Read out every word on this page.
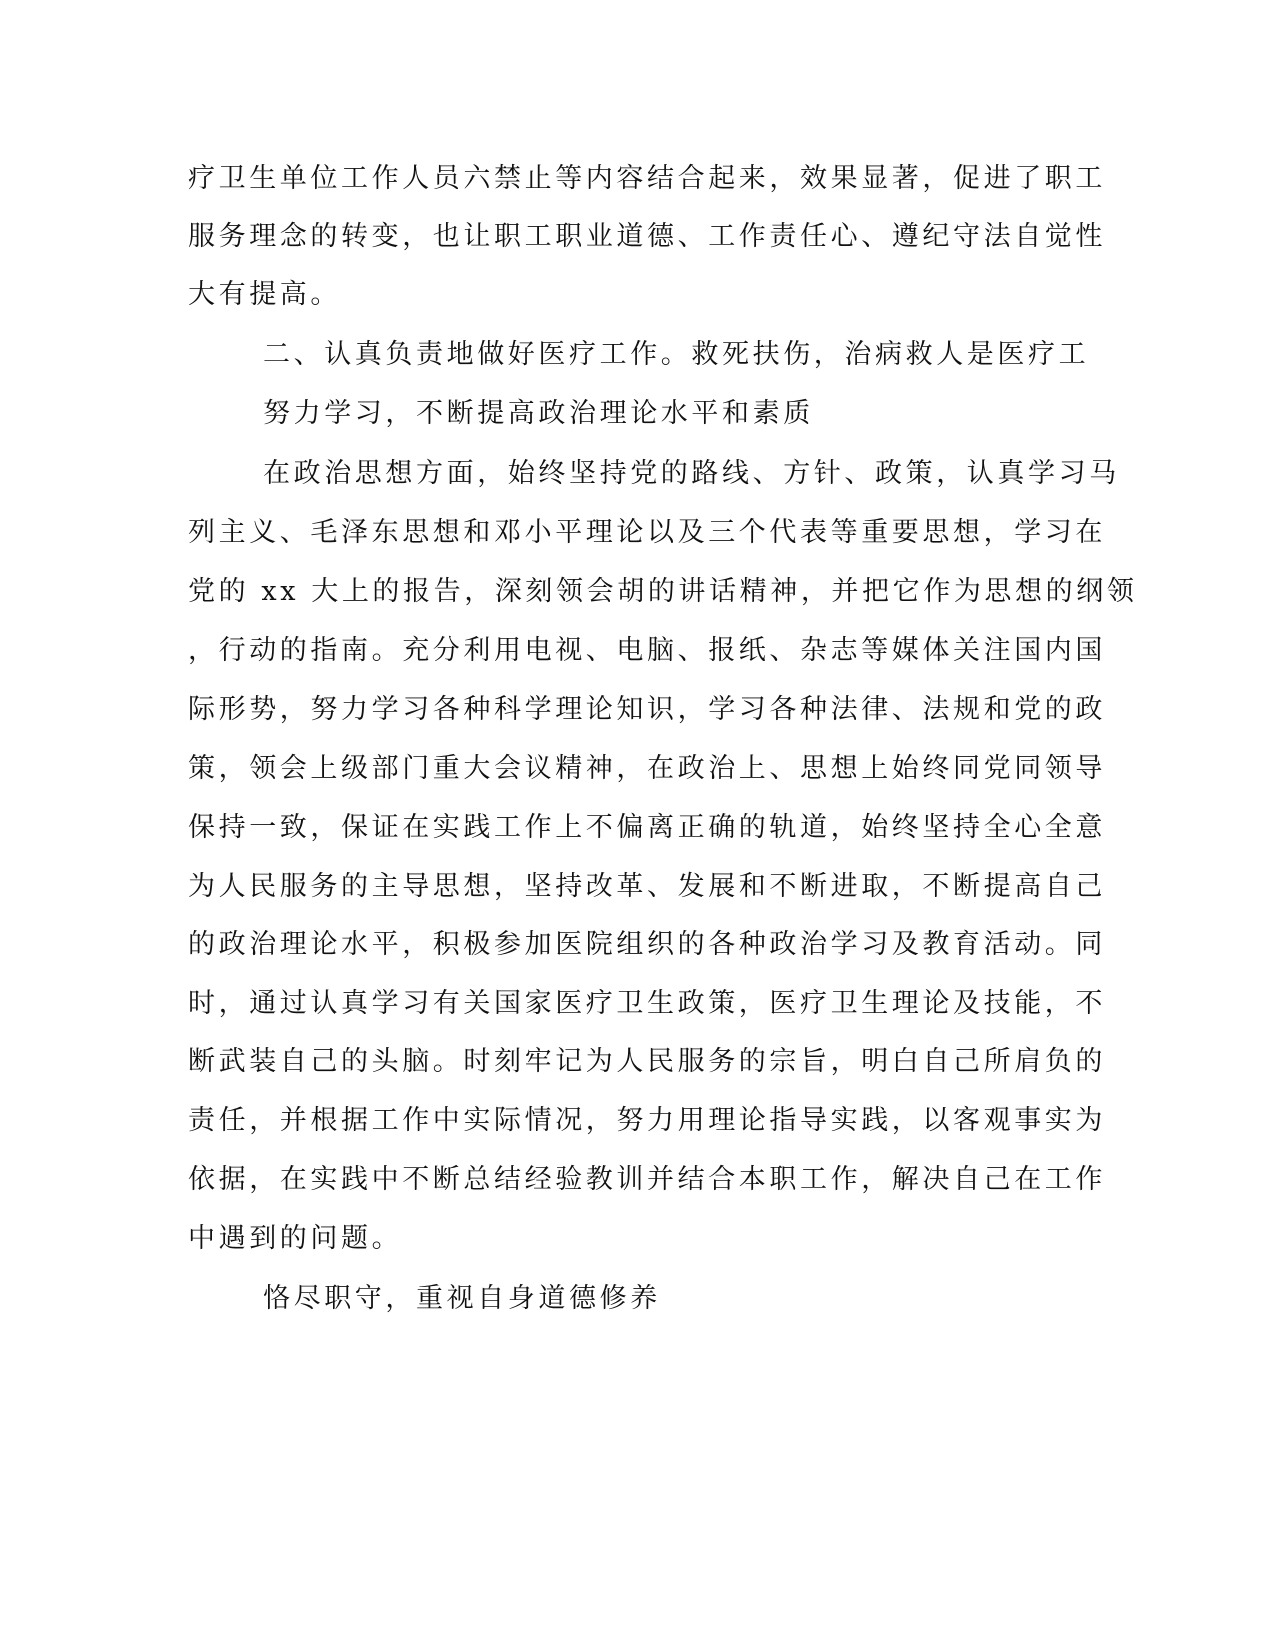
疗卫生单位工作人员六禁止等内容结合起来，效果显著，促进了职工
服务理念的转变，也让职工职业道德、工作责任心、遵纪守法自觉性
大有提高。
二、认真负责地做好医疗工作。救死扶伤，治病救人是医疗工
努力学习，不断提高政治理论水平和素质
在政治思想方面，始终坚持党的路线、方针、政策，认真学习马
列主义、毛泽东思想和邓小平理论以及三个代表等重要思想，学习在
党的 xx 大上的报告，深刻领会胡的讲话精神，并把它作为思想的纲领
，行动的指南。充分利用电视、电脑、报纸、杂志等媒体关注国内国
际形势，努力学习各种科学理论知识，学习各种法律、法规和党的政
策，领会上级部门重大会议精神，在政治上、思想上始终同党同领导
保持一致，保证在实践工作上不偏离正确的轨道，始终坚持全心全意
为人民服务的主导思想，坚持改革、发展和不断进取，不断提高自己
的政治理论水平，积极参加医院组织的各种政治学习及教育活动。同
时，通过认真学习有关国家医疗卫生政策，医疗卫生理论及技能，不
断武装自己的头脑。时刻牢记为人民服务的宗旨，明白自己所肩负的
责任，并根据工作中实际情况，努力用理论指导实践，以客观事实为
依据，在实践中不断总结经验教训并结合本职工作，解决自己在工作
中遇到的问题。
恪尽职守，重视自身道德修养
